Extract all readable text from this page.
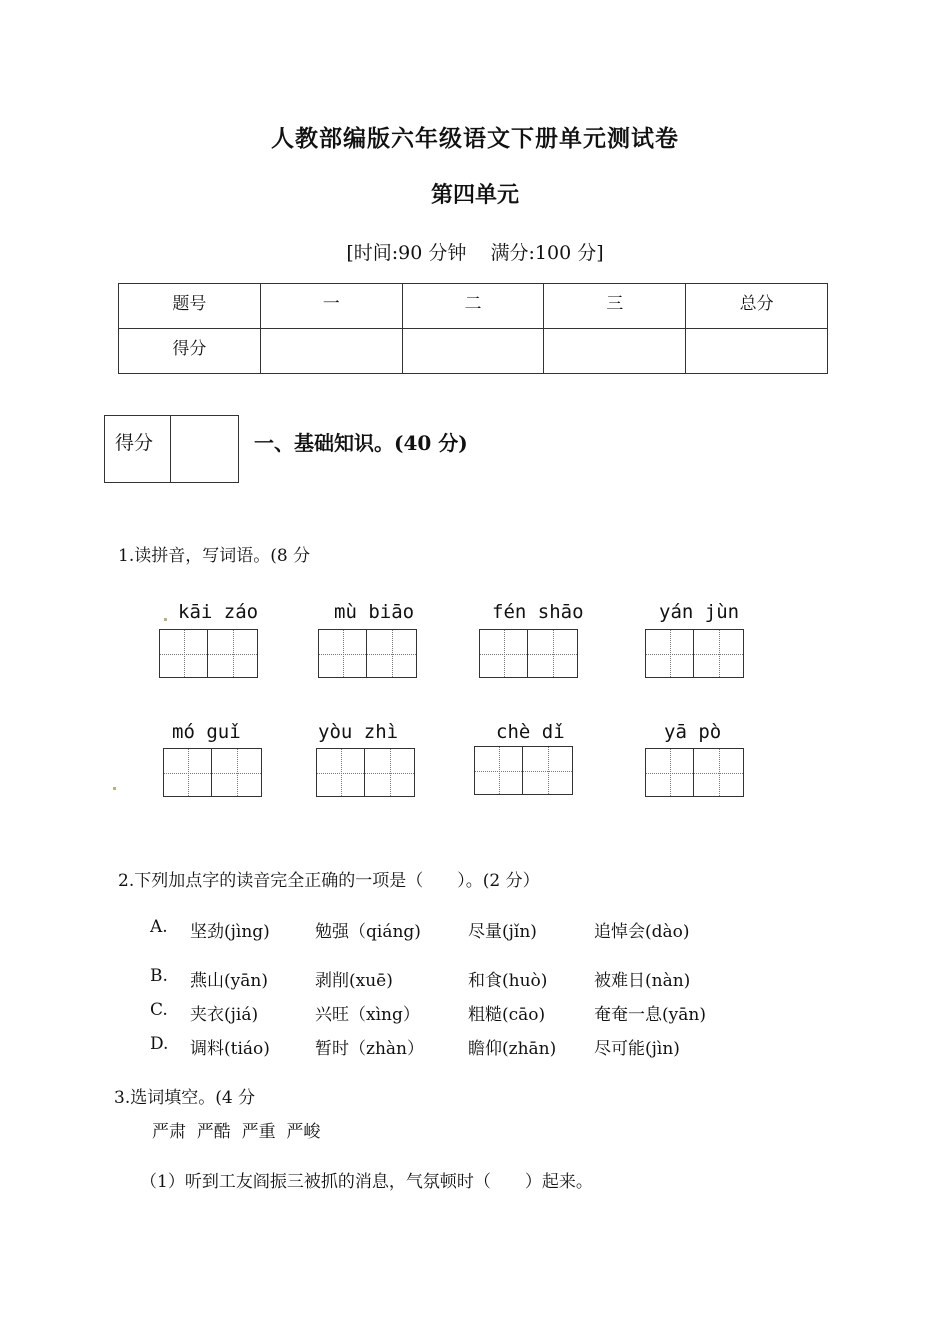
人教部编版六年级语文下册单元测试卷
第四单元
[时间:90 分钟    满分:100 分]
题号	一	二	三	总分
得分				
得分	一、基础知识。(40 分)
1.读拼音，写词语。(8 分
kāi záo	mù biāo	fén shāo	yán jùn
mó guǐ	yòu zhì	chè dǐ	yā pò
2.下列加点字的读音完全正确的一项是（　　）。(2 分）
A. 坚劲(jìng)	勉强（qiáng)	尽量(jǐn)	追悼会(dào)
B. 燕山(yān)	剥削(xuē)	和食(huò)	被难日(nàn)
C. 夹衣(jiá)	兴旺（xìng）	粗糙(cāo)	奄奄一息(yān)
D. 调料(tiáo)	暂时（zhàn）	瞻仰(zhān) 尽可能(jìn)
3.选词填空。(4 分
严肃  严酷  严重  严峻
（1）听到工友阎振三被抓的消息，气氛顿时（　　）起来。
